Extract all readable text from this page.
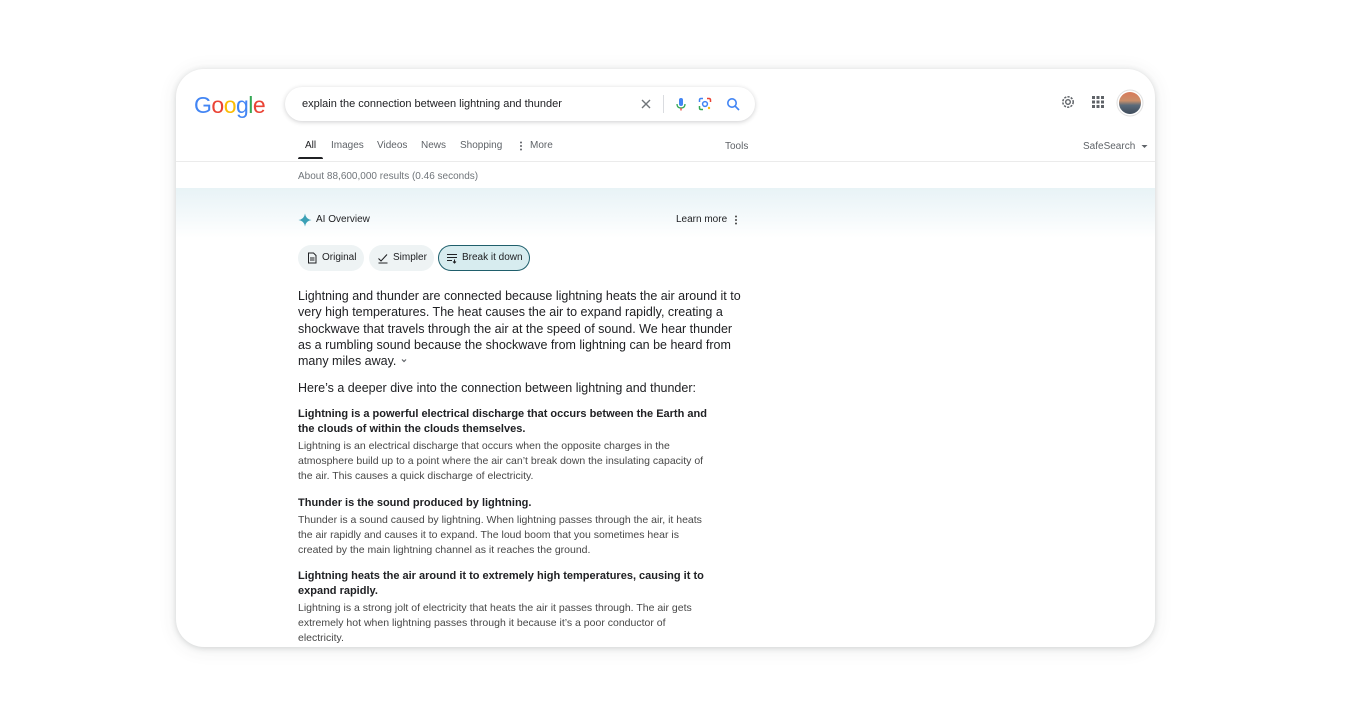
Google	explain the connection between lightning and thunder
All Images Videos News Shopping	More	Tools	SafeSearch
About 88,600,000 results (0.46 seconds)
AI Overview	Learn more
Original	Simpler	Break it down
Lightning and thunder are connected because lightning heats the air around it to very high temperatures. The heat causes the air to expand rapidly, creating a shockwave that travels through the air at the speed of sound. We hear thunder as a rumbling sound because the shockwave from lightning can be heard from many miles away.
Here’s a deeper dive into the connection between lightning and thunder:
Lightning is a powerful electrical discharge that occurs between the Earth and the clouds of within the clouds themselves.
Lightning is an electrical discharge that occurs when the opposite charges in the atmosphere build up to a point where the air can’t break down the insulating capacity of the air. This causes a quick discharge of electricity.
Thunder is the sound produced by lightning.
Thunder is a sound caused by lightning. When lightning passes through the air, it heats the air rapidly and causes it to expand. The loud boom that you sometimes hear is created by the main lightning channel as it reaches the ground.
Lightning heats the air around it to extremely high temperatures, causing it to expand rapidly.
Lightning is a strong jolt of electricity that heats the air it passes through. The air gets extremely hot when lightning passes through it because it’s a poor conductor of electricity.
